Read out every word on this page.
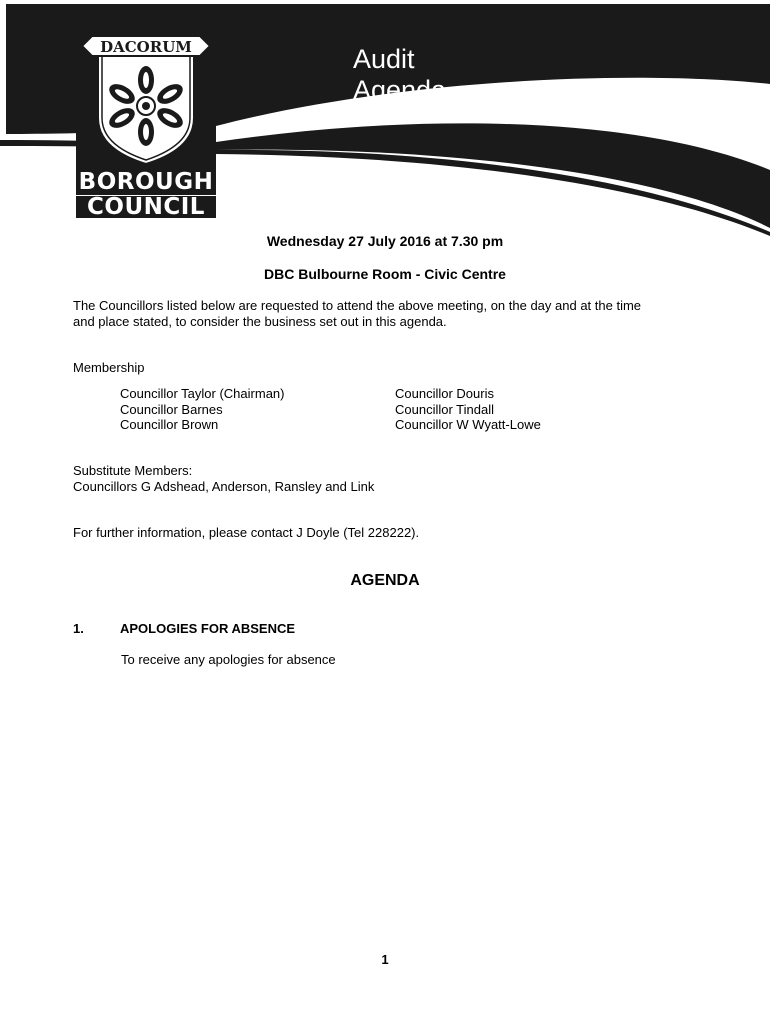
DACORUM
BOROUGH
COUNCIL
Audit
Agenda
Wednesday 27 July 2016 at 7.30 pm
DBC Bulbourne Room - Civic Centre
The Councillors listed below are requested to attend the above meeting, on the day and at the time
and place stated, to consider the business set out in this agenda.
Membership
Councillor Taylor (Chairman)
Councillor Barnes
Councillor Brown
Councillor Douris
Councillor Tindall
Councillor W Wyatt-Lowe
Substitute Members:
Councillors G Adshead, Anderson, Ransley and Link
For further information, please contact J Doyle (Tel 228222).
AGENDA
1.	APOLOGIES FOR ABSENCE
To receive any apologies for absence
1
